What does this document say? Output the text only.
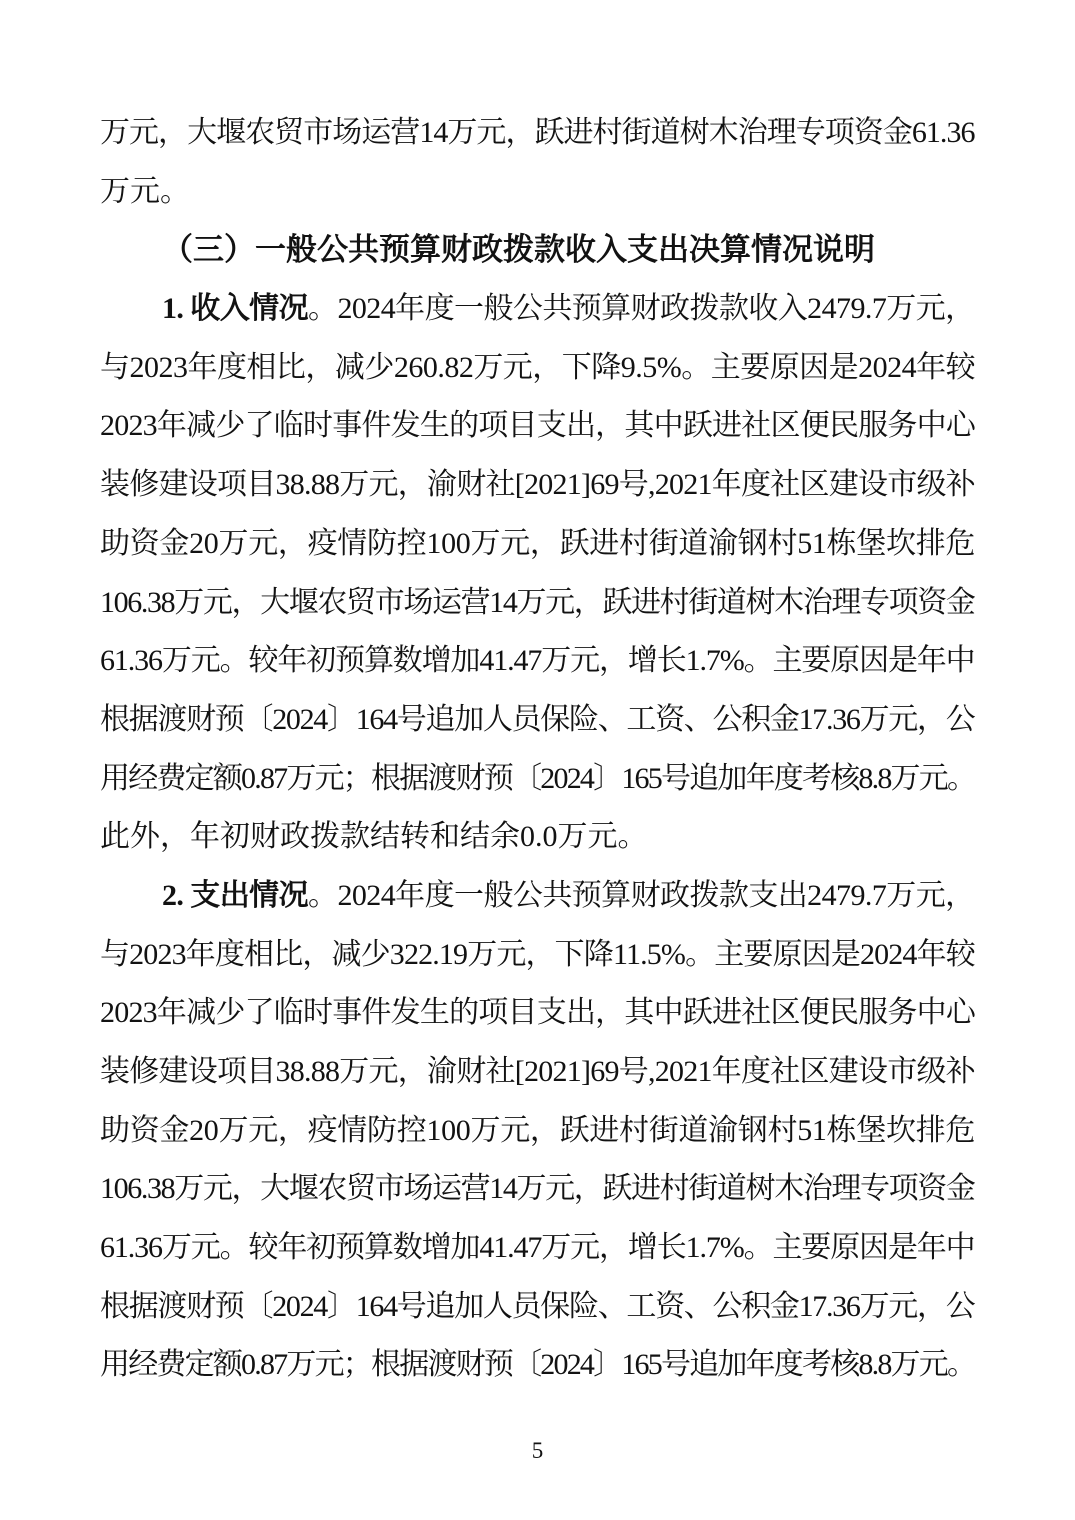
万元，大堰农贸市场运营14万元，跃进村街道树木治理专项资金61.36
万元。
（三）一般公共预算财政拨款收入支出决算情况说明
1. 收入情况。2024年度一般公共预算财政拨款收入2479.7万元，
与2023年度相比，减少260.82万元，下降9.5%。主要原因是2024年较
2023年减少了临时事件发生的项目支出，其中跃进社区便民服务中心
装修建设项目38.88万元，渝财社[2021]69号,2021年度社区建设市级补
助资金20万元，疫情防控100万元，跃进村街道渝钢村51栋堡坎排危
106.38万元，大堰农贸市场运营14万元，跃进村街道树木治理专项资金
61.36万元。较年初预算数增加41.47万元，增长1.7%。主要原因是年中
根据渡财预〔2024〕164号追加人员保险、工资、公积金17.36万元，公
用经费定额0.87万元；根据渡财预〔2024〕165号追加年度考核8.8万元。
此外，年初财政拨款结转和结余0.0万元。
2. 支出情况。2024年度一般公共预算财政拨款支出2479.7万元，
与2023年度相比，减少322.19万元，下降11.5%。主要原因是2024年较
2023年减少了临时事件发生的项目支出，其中跃进社区便民服务中心
装修建设项目38.88万元，渝财社[2021]69号,2021年度社区建设市级补
助资金20万元，疫情防控100万元，跃进村街道渝钢村51栋堡坎排危
106.38万元，大堰农贸市场运营14万元，跃进村街道树木治理专项资金
61.36万元。较年初预算数增加41.47万元，增长1.7%。主要原因是年中
根据渡财预〔2024〕164号追加人员保险、工资、公积金17.36万元，公
用经费定额0.87万元；根据渡财预〔2024〕165号追加年度考核8.8万元。
5
